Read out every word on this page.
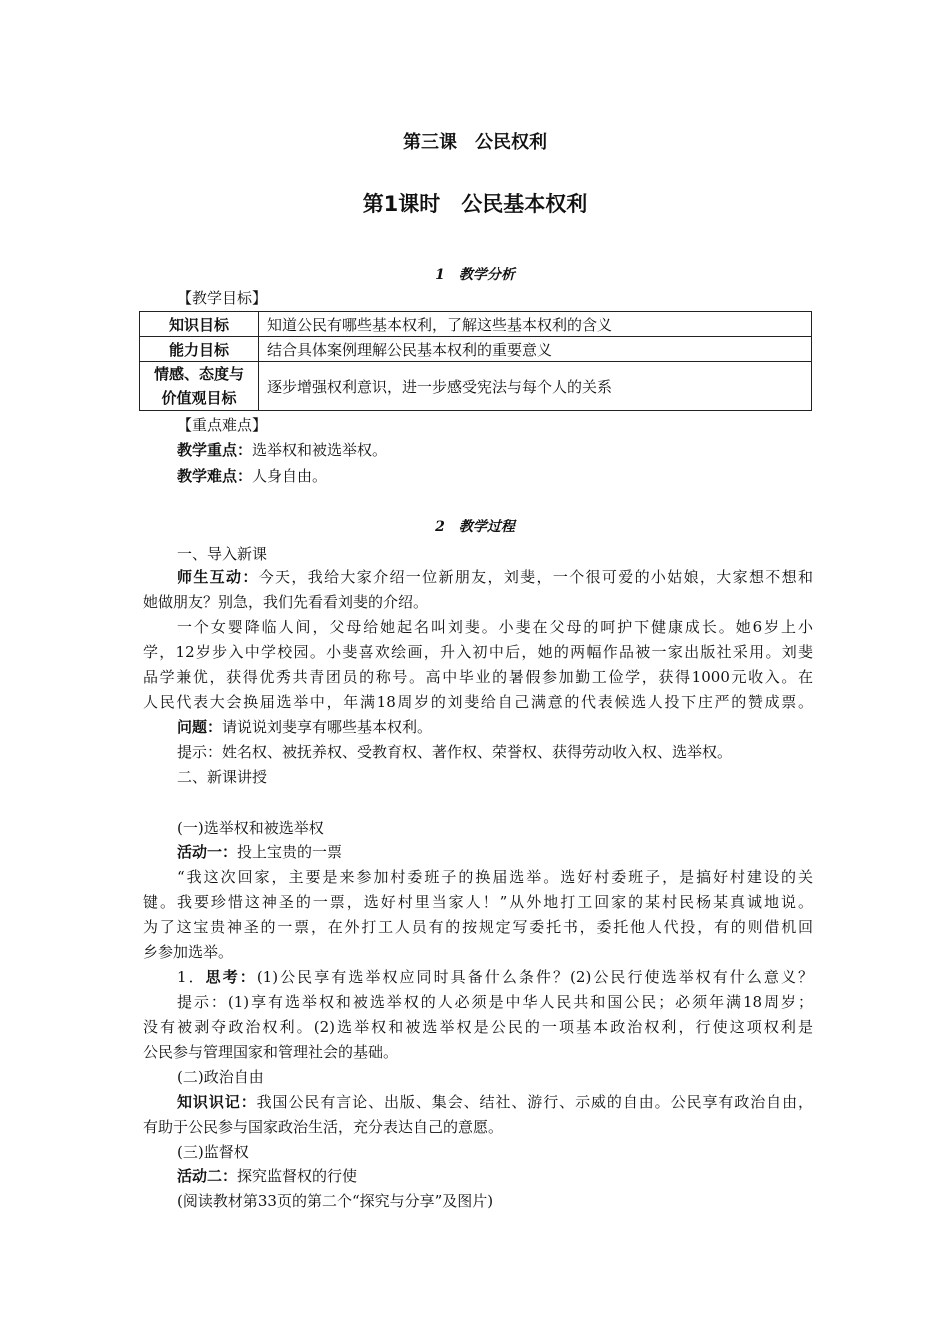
第三课　公民权利
第1课时　公民基本权利
1　教学分析
【教学目标】
知识目标	知道公民有哪些基本权利，了解这些基本权利的含义
能力目标	结合具体案例理解公民基本权利的重要意义

情感、态度与
价值观目标	逐步增强权利意识，进一步感受宪法与每个人的关系
【重点难点】
教学重点：选举权和被选举权。
教学难点：人身自由。
2　教学过程
一、导入新课
师生互动：今天，我给大家介绍一位新朋友，刘斐，一个很可爱的小姑娘，大家想不想和
她做朋友？别急，我们先看看刘斐的介绍。
一个女婴降临人间，父母给她起名叫刘斐。小斐在父母的呵护下健康成长。她6岁上小
学，12岁步入中学校园。小斐喜欢绘画，升入初中后，她的两幅作品被一家出版社采用。刘斐
品学兼优，获得优秀共青团员的称号。高中毕业的暑假参加勤工俭学，获得1000元收入。在
人民代表大会换届选举中，年满18周岁的刘斐给自己满意的代表候选人投下庄严的赞成票。
问题：请说说刘斐享有哪些基本权利。
提示：姓名权、被抚养权、受教育权、著作权、荣誉权、获得劳动收入权、选举权。
二、新课讲授
(一)选举权和被选举权
活动一：投上宝贵的一票
“我这次回家，主要是来参加村委班子的换届选举。选好村委班子，是搞好村建设的关
键。我要珍惜这神圣的一票，选好村里当家人！”从外地打工回家的某村民杨某真诚地说。
为了这宝贵神圣的一票，在外打工人员有的按规定写委托书，委托他人代投，有的则借机回
乡参加选举。
1．思考：(1)公民享有选举权应同时具备什么条件？(2)公民行使选举权有什么意义？
提示：(1)享有选举权和被选举权的人必须是中华人民共和国公民；必须年满18周岁；
没有被剥夺政治权利。(2)选举权和被选举权是公民的一项基本政治权利，行使这项权利是
公民参与管理国家和管理社会的基础。
(二)政治自由
知识识记：我国公民有言论、出版、集会、结社、游行、示威的自由。公民享有政治自由，
有助于公民参与国家政治生活，充分表达自己的意愿。
(三)监督权
活动二：探究监督权的行使
(阅读教材第33页的第二个“探究与分享”及图片)
